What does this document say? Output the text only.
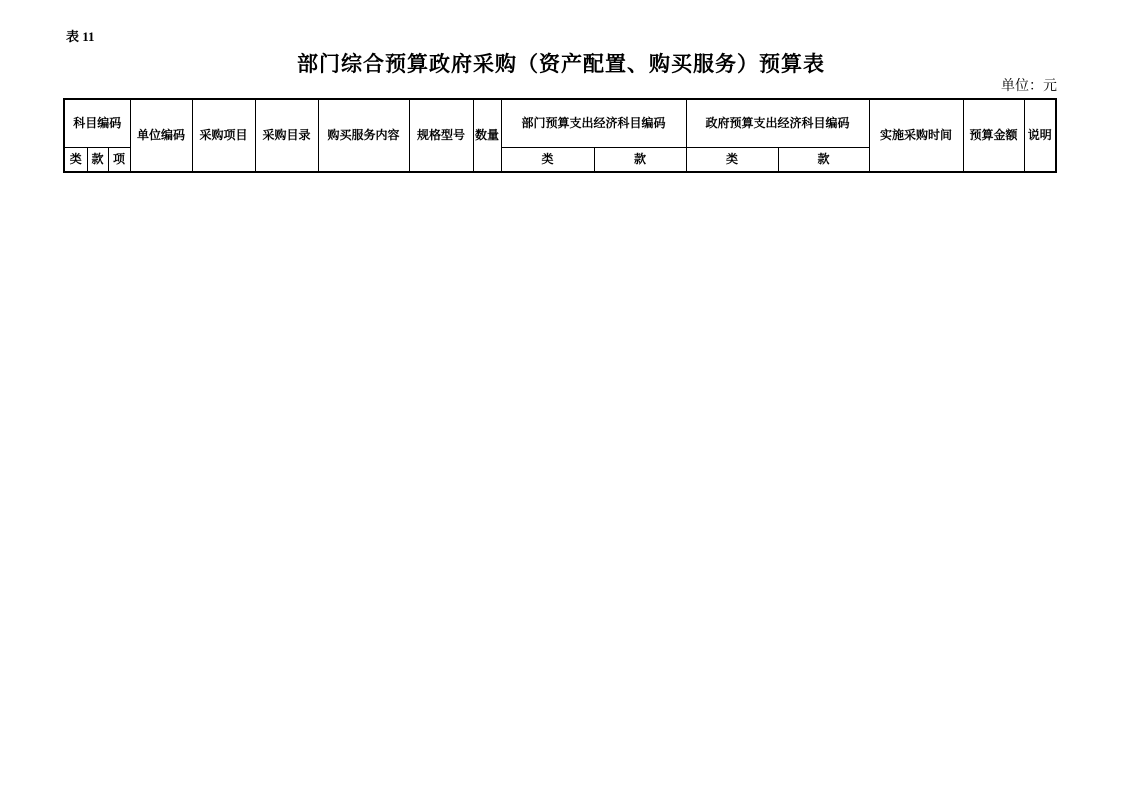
表 11
部门综合预算政府采购（资产配置、购买服务）预算表
单位：元
科目编码			单位编码	采购项目	采购目录	购买服务内容	规格型号	数量	部门预算支出经济科目编码		政府预算支出经济科目编码		实施采购时间	预算金额	说明
类	款	项							类	款	类	款			
